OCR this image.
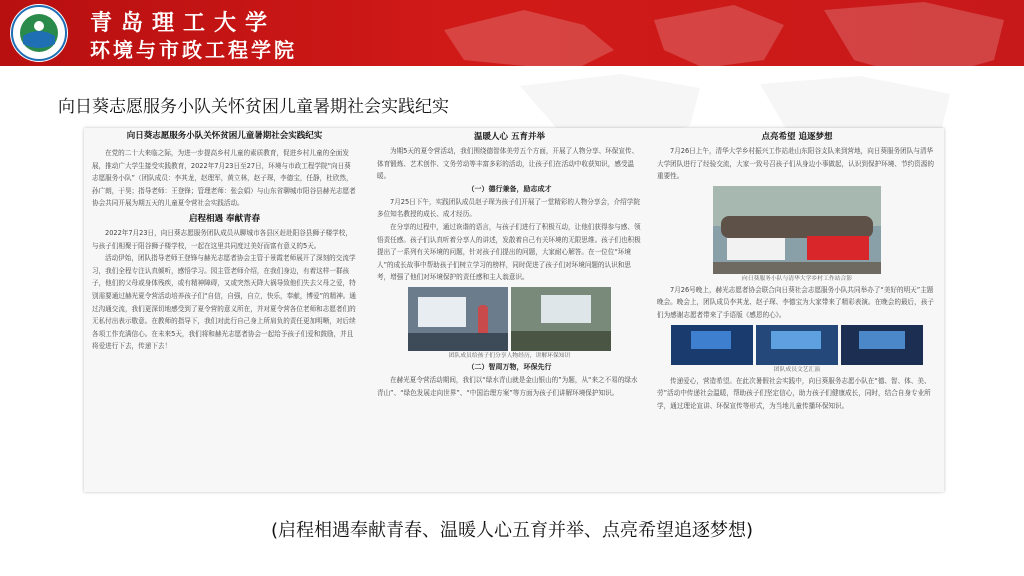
青岛理工大学
环境与市政工程学院
向日葵志愿服务小队关怀贫困儿童暑期社会实践纪实
向日葵志愿服务小队关怀贫困儿童暑期社会实践纪实

在党的二十大来临之际，为进一步提高乡村儿童的素质教育，促进乡村儿童的全面发展，推动广大学生接受实践教育，2022年7月23日至27日，环境与市政工程学院“向日葵志愿服务小队”（团队成员：李其龙，赵理军，黄立林，赵子琛，李德宝，任静，杜欣然，孙广朗，于昊；指导老师：王登锋；管理老师：张会娟）与山东省聊城市阳谷县赫光志愿者协会共同开展为期五天的儿童夏令营社会实践活动。

启程相遇 奉献青春

2022年7月23日，向日葵志愿服务团队成员从聊城市各县区赶赴阳谷县狮子楼学校，与孩子们相聚于阳谷狮子楼学校，一起在这里共同度过美好而富有意义的5天。

活动伊始，团队指导老师王登锋与赫光志愿者协会主管于景霞老师展开了深刻的交流学习，我们全程专注认真倾听，感悟学习。园主管老师介绍，在我们身边，有着这样一群孩子，他们的父母或身体残疾，或有精神障碍，又或突然天降大祸导致他们失去父母之爱，特别需要通过赫光夏令营活动培养孩子们“自信，自强，自立，快乐，奉献，博爱”的精神。通过沟通交流，我们更深切地感受到了夏令营的意义所在，并对夏令营各位老师和志愿者们的无私付出表示敬意。在教师的指导下，我们对此行自己身上所肩负的责任更加明晰，对后续各项工作充满信心。在未来5天，我们将和赫光志愿者协会一起给予孩子们爱和鼓励，并且将爱进行下去，传递下去！

温暖人心 五育并举

为期5天的夏令营活动，我们围绕德智体美劳五个方面，开展了人物分享、环保宣传、体育锻炼、艺术创作、文务劳动等丰富多彩的活动，让孩子们在活动中收获知识，感受温暖。

（一）德行兼备，励志成才

7月25日下午，实践团队成员赵子琛为孩子们开展了一堂精彩的人物分享会，介绍学院多位知名教授的成长、成才经历。

在分享的过程中，通过诙谐的语言，与孩子们进行了积极互动，让他们获得参与感、领悟责任感。孩子们认真听着分享人的讲述，发散着自己有关环境的无限思维。孩子们也积极提出了一系列有关环境的问题，针对孩子们提出的问题，大家耐心解答。在一位位“环境人”的成长故事中帮助孩子们树立学习的榜样，同时促进了孩子们对环境问题的认识和思考，增强了他们对环境保护的责任感和主人翁意识。

团队成员给孩子们分享人物经历，讲解环保知识

（二）智周万物，环保先行

在赫光夏令营活动期间，我们以“绿水青山就是金山银山的”为题，从“来之不易的绿水青山”、“绿色发展走向世界”、“中国治理方案”等方面为孩子们讲解环境保护知识。

点亮希望 追逐梦想

7月26日上午，清华大学乡村振兴工作站赴山东阳谷支队来到营地，向日葵服务团队与清华大学团队进行了经验交流，大家一致号召孩子们从身边小事做起，认识到保护环境、节约资源的重要性。

向日葵服务小队与清华大学乡村工作站合影

7月26号晚上，赫光志愿者协会联合向日葵社会志愿服务小队共同举办了“美好的明天”主题晚会。晚会上，团队成员李其龙、赵子琛、李德宝为大家带来了精彩表演。在晚会的最后，孩子们为感谢志愿者带来了手语版《感恩的心》。

团队成员文艺汇演

传递爱心，营造希望。在此次暑假社会实践中，向日葵服务志愿小队在“德、智、体、美、劳”活动中传递社会温暖，帮助孩子们坚定信心，助力孩子们健康成长，同时，结合自身专业所学，通过理论宣讲、环保宣传等形式，为当地儿童传播环保知识。

(启程相遇奉献青春、温暖人心五育并举、点亮希望追逐梦想)
